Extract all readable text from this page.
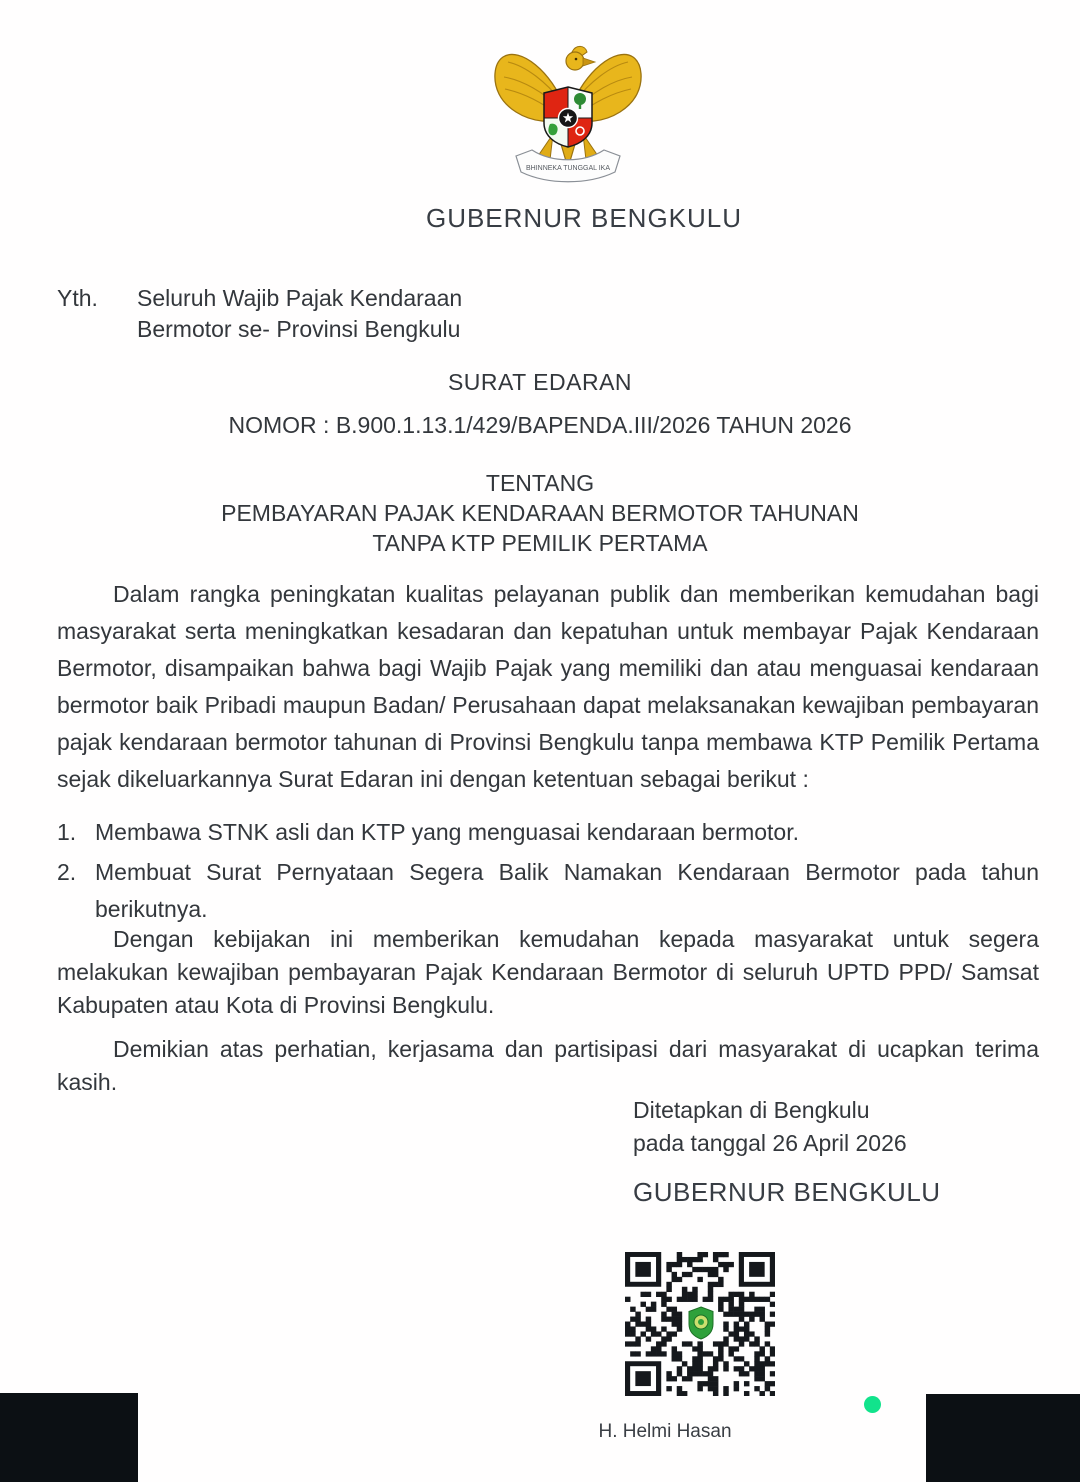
BHINNEKA TUNGGAL IKA
GUBERNUR BENGKULU
Yth.	Seluruh Wajib Pajak Kendaraan
Bermotor se- Provinsi Bengkulu
SURAT EDARAN
NOMOR : B.900.1.13.1/429/BAPENDA.III/2026 TAHUN 2026
TENTANG
PEMBAYARAN PAJAK KENDARAAN BERMOTOR TAHUNAN
TANPA KTP PEMILIK PERTAMA
Dalam rangka peningkatan kualitas pelayanan publik dan memberikan kemudahan bagi masyarakat serta meningkatkan kesadaran dan kepatuhan untuk membayar Pajak Kendaraan Bermotor, disampaikan bahwa bagi Wajib Pajak yang memiliki dan atau menguasai kendaraan bermotor baik Pribadi maupun Badan/ Perusahaan dapat melaksanakan kewajiban pembayaran pajak kendaraan bermotor tahunan di Provinsi Bengkulu tanpa membawa KTP Pemilik Pertama sejak dikeluarkannya Surat Edaran ini dengan ketentuan sebagai berikut :
1. Membawa STNK asli dan KTP yang menguasai kendaraan bermotor.
2. Membuat Surat Pernyataan Segera Balik Namakan Kendaraan Bermotor pada tahun berikutnya.
Dengan kebijakan ini memberikan kemudahan kepada masyarakat untuk segera melakukan kewajiban pembayaran Pajak Kendaraan Bermotor di seluruh UPTD PPD/ Samsat Kabupaten atau Kota di Provinsi Bengkulu.
Demikian atas perhatian, kerjasama dan partisipasi dari masyarakat di ucapkan terima kasih.
Ditetapkan di Bengkulu
pada tanggal 26 April 2026
GUBERNUR BENGKULU
H. Helmi Hasan
